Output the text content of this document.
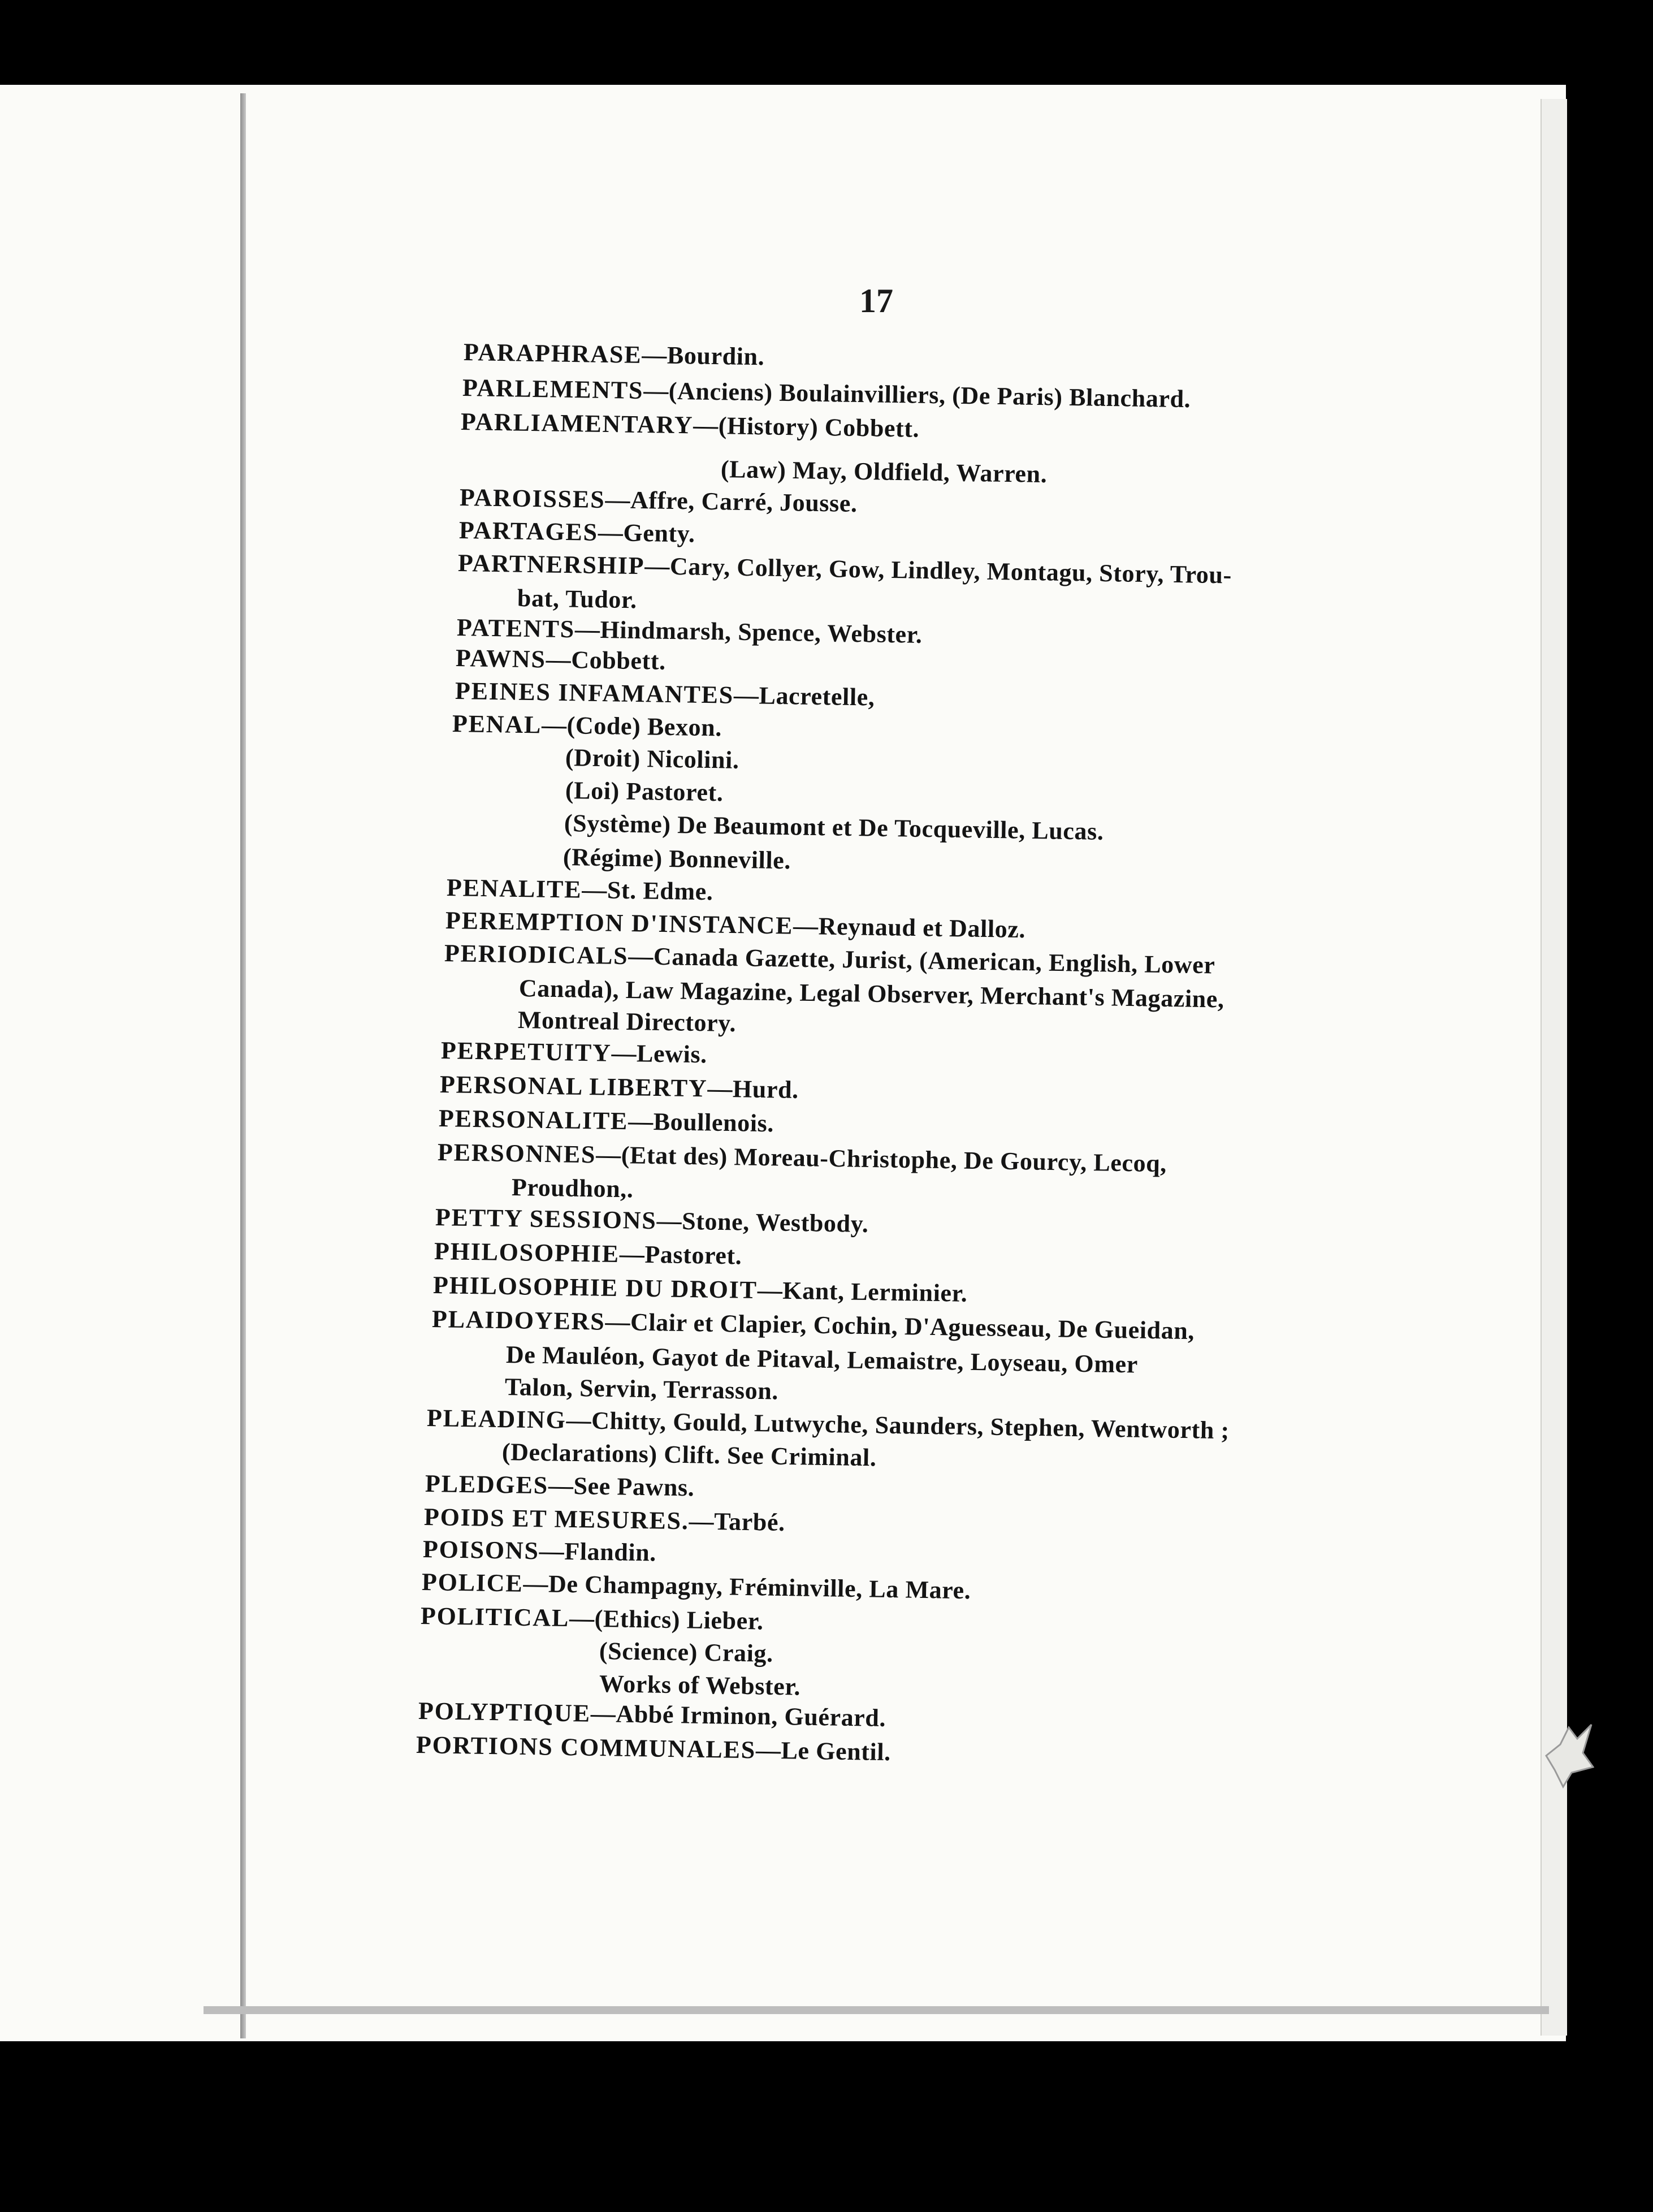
17
PARAPHRASE—Bourdin.
PARLEMENTS—(Anciens) Boulainvilliers, (De Paris) Blanchard.
PARLIAMENTARY—(History) Cobbett.
(Law) May, Oldfield, Warren.
PAROISSES—Affre, Carré, Jousse.
PARTAGES—Genty.
PARTNERSHIP—Cary, Collyer, Gow, Lindley, Montagu, Story, Trou-
bat, Tudor.
PATENTS—Hindmarsh, Spence, Webster.
PAWNS—Cobbett.
PEINES INFAMANTES—Lacretelle,
PENAL—(Code) Bexon.
(Droit) Nicolini.
(Loi) Pastoret.
(Système) De Beaumont et De Tocqueville, Lucas.
(Régime) Bonneville.
PENALITE—St. Edme.
PEREMPTION D'INSTANCE—Reynaud et Dalloz.
PERIODICALS—Canada Gazette, Jurist, (American, English, Lower
Canada), Law Magazine, Legal Observer, Merchant's Magazine,
Montreal Directory.
PERPETUITY—Lewis.
PERSONAL LIBERTY—Hurd.
PERSONALITE—Boullenois.
PERSONNES—(Etat des) Moreau-Christophe, De Gourcy, Lecoq,
Proudhon,.
PETTY SESSIONS—Stone, Westbody.
PHILOSOPHIE—Pastoret.
PHILOSOPHIE DU DROIT—Kant, Lerminier.
PLAIDOYERS—Clair et Clapier, Cochin, D'Aguesseau, De Gueidan,
De Mauléon, Gayot de Pitaval, Lemaistre, Loyseau, Omer
Talon, Servin, Terrasson.
PLEADING—Chitty, Gould, Lutwyche, Saunders, Stephen, Wentworth ;
(Declarations) Clift. See Criminal.
PLEDGES—See Pawns.
POIDS ET MESURES.—Tarbé.
POISONS—Flandin.
POLICE—De Champagny, Fréminville, La Mare.
POLITICAL—(Ethics) Lieber.
(Science) Craig.
Works of Webster.
POLYPTIQUE—Abbé Irminon, Guérard.
PORTIONS COMMUNALES—Le Gentil.
